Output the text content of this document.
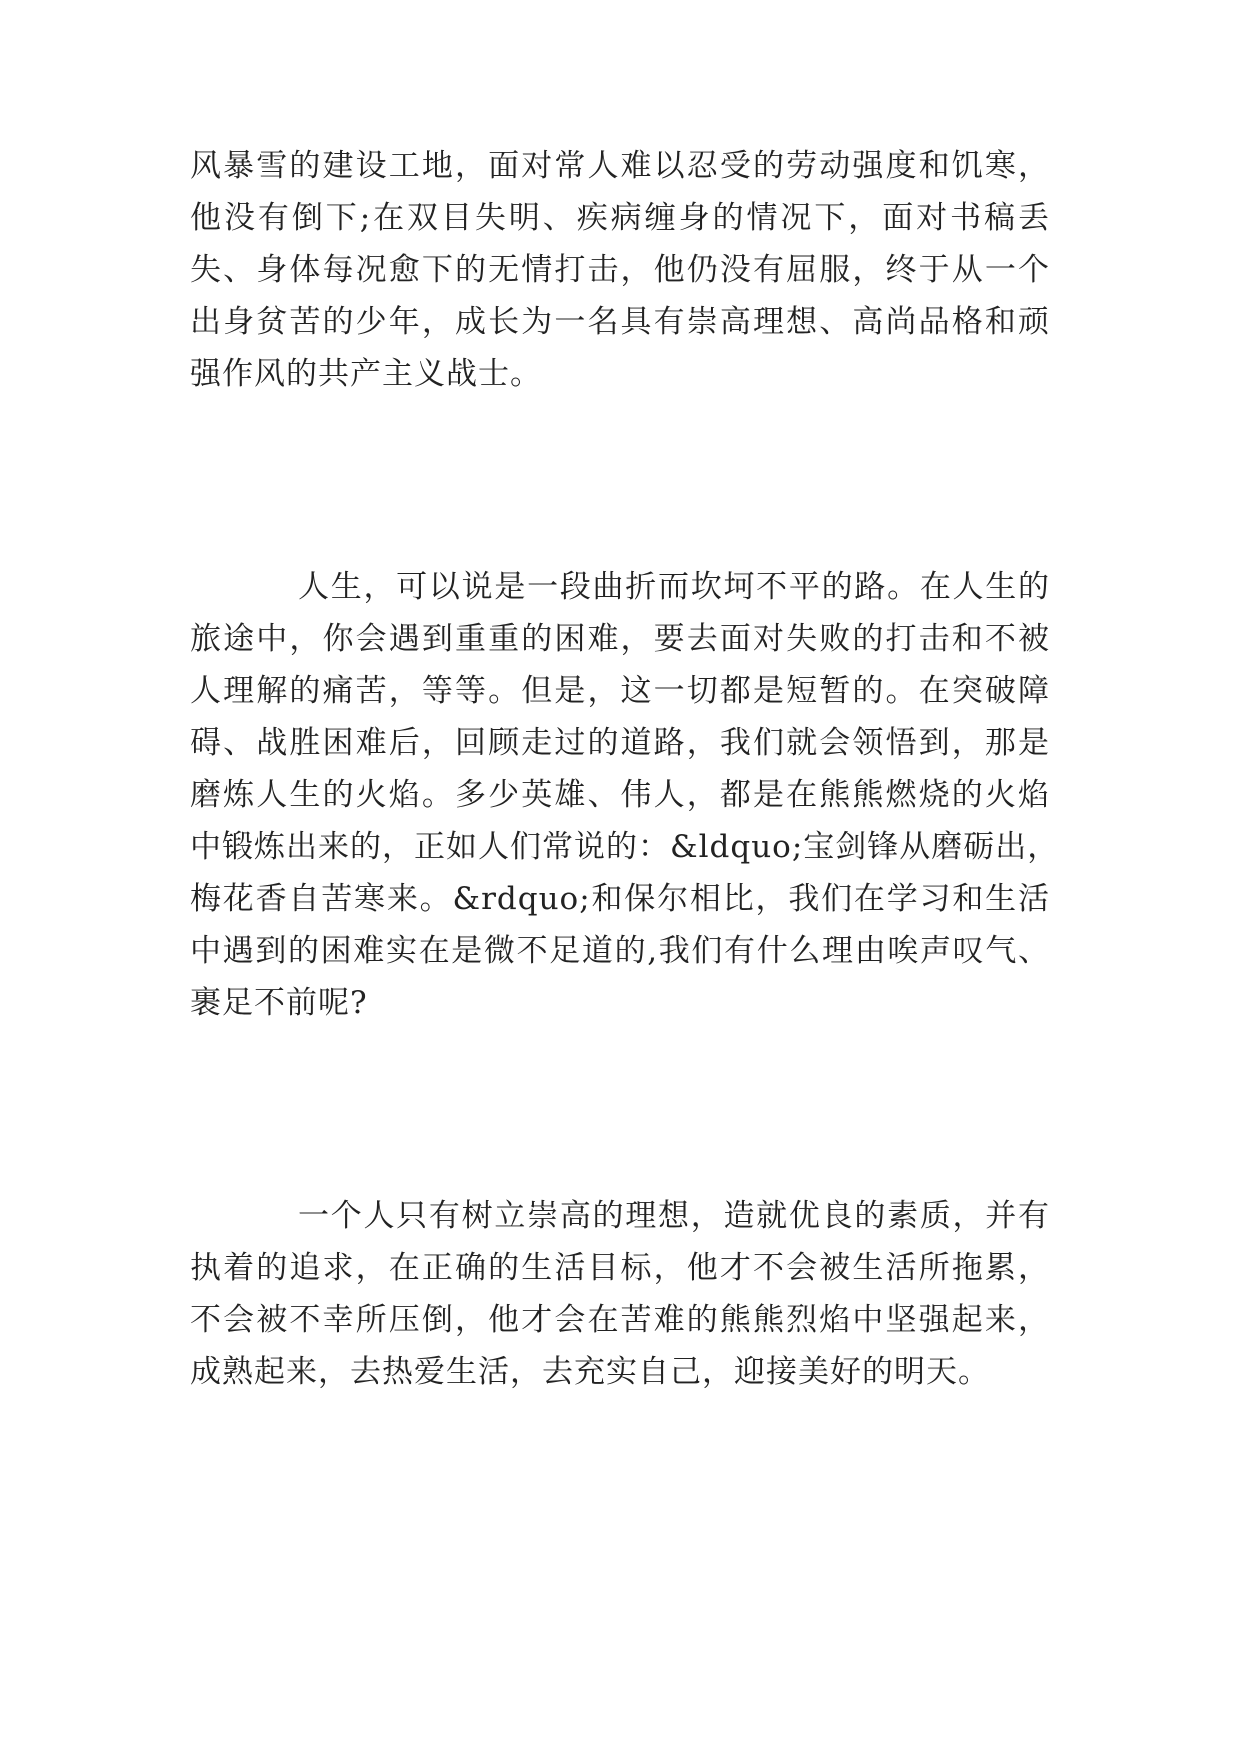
风暴雪的建设工地，面对常人难以忍受的劳动强度和饥寒，
他没有倒下;在双目失明、疾病缠身的情况下，面对书稿丢
失、身体每况愈下的无情打击，他仍没有屈服，终于从一个
出身贫苦的少年，成长为一名具有崇高理想、高尚品格和顽
强作风的共产主义战士。
人生，可以说是一段曲折而坎坷不平的路。在人生的
旅途中，你会遇到重重的困难，要去面对失败的打击和不被
人理解的痛苦，等等。但是，这一切都是短暂的。在突破障
碍、战胜困难后，回顾走过的道路，我们就会领悟到，那是
磨炼人生的火焰。多少英雄、伟人，都是在熊熊燃烧的火焰
中锻炼出来的，正如人们常说的：&ldquo;宝剑锋从磨砺出，
梅花香自苦寒来。&rdquo;和保尔相比，我们在学习和生活
中遇到的困难实在是微不足道的,我们有什么理由唉声叹气、
裹足不前呢?
一个人只有树立崇高的理想，造就优良的素质，并有
执着的追求，在正确的生活目标，他才不会被生活所拖累，
不会被不幸所压倒，他才会在苦难的熊熊烈焰中坚强起来，
成熟起来，去热爱生活，去充实自己，迎接美好的明天。
